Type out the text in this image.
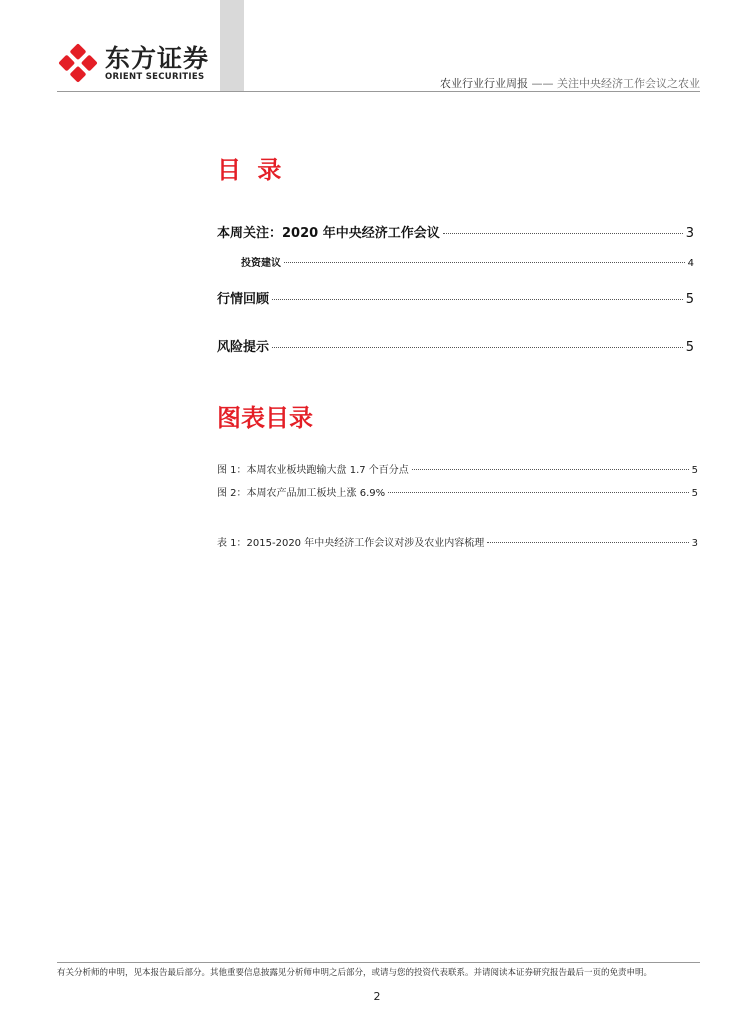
东方证券
ORIENT SECURITIES
农业行业行业周报 —— 关注中央经济工作会议之农业
目 录
本周关注：2020 年中央经济工作会议	3
投资建议	4
行情回顾	5
风险提示	5
图表目录
图 1：本周农业板块跑输大盘 1.7 个百分点	5
图 2：本周农产品加工板块上涨 6.9%	5
表 1：2015-2020 年中央经济工作会议对涉及农业内容梳理	3
有关分析师的申明，见本报告最后部分。其他重要信息披露见分析师申明之后部分，或请与您的投资代表联系。并请阅读本证券研究报告最后一页的免责申明。
2
